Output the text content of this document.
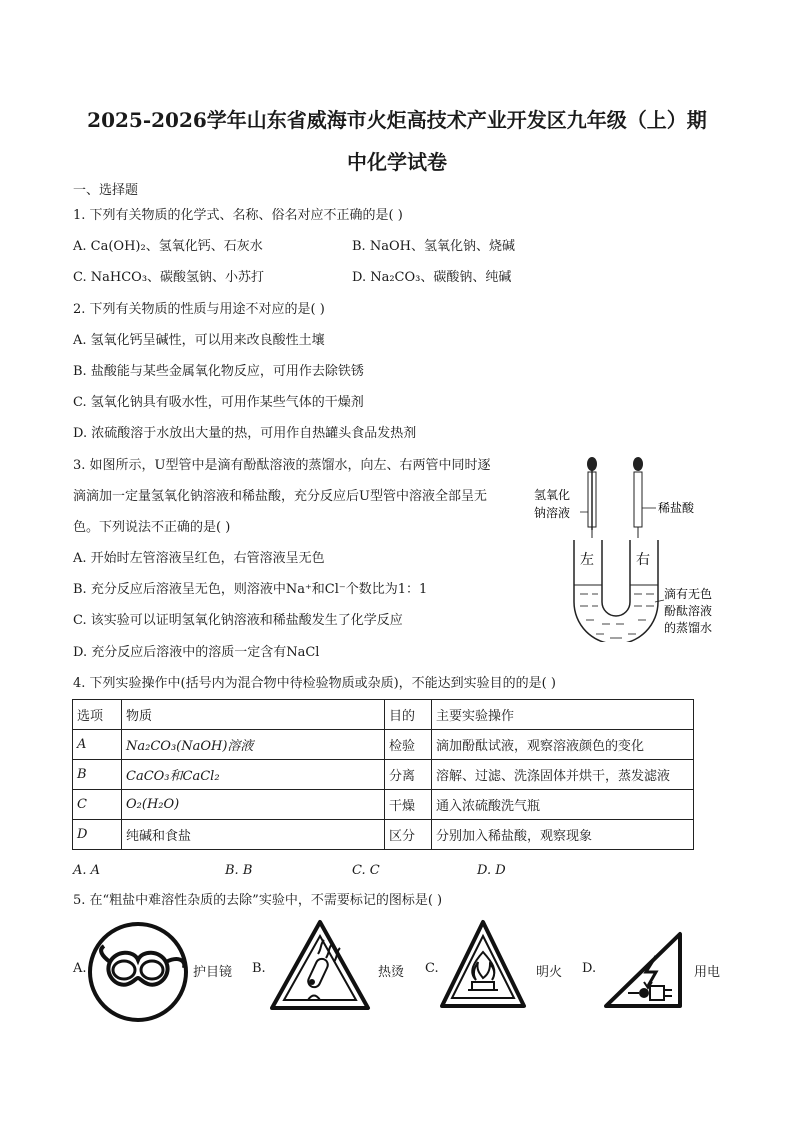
2025-2026学年山东省威海市火炬高技术产业开发区九年级（上）期
中化学试卷
一、选择题
1. 下列有关物质的化学式、名称、俗名对应不正确的是( )
A. Ca(OH)₂、氢氧化钙、石灰水	B. NaOH、氢氧化钠、烧碱
C. NaHCO₃、碳酸氢钠、小苏打	D. Na₂CO₃、碳酸钠、纯碱
2. 下列有关物质的性质与用途不对应的是( )
A. 氢氧化钙呈碱性，可以用来改良酸性土壤
B. 盐酸能与某些金属氧化物反应，可用作去除铁锈
C. 氢氧化钠具有吸水性，可用作某些气体的干燥剂
D. 浓硫酸溶于水放出大量的热，可用作自热罐头食品发热剂
3. 如图所示，U型管中是滴有酚酞溶液的蒸馏水，向左、右两管中同时逐
滴滴加一定量氢氧化钠溶液和稀盐酸，充分反应后U型管中溶液全部呈无
色。下列说法不正确的是( )
A. 开始时左管溶液呈红色，右管溶液呈无色
B. 充分反应后溶液呈无色，则溶液中Na⁺和Cl⁻个数比为1：1
C. 该实验可以证明氢氧化钠溶液和稀盐酸发生了化学反应
D. 充分反应后溶液中的溶质一定含有NaCl
氢氧化
钠溶液	稀盐酸
左	右
滴有无色
酚酞溶液
的蒸馏水
4. 下列实验操作中(括号内为混合物中待检验物质或杂质)，不能达到实验目的的是( )
选项	物质	目的	主要实验操作
A	Na₂CO₃(NaOH)溶液	检验	滴加酚酞试液，观察溶液颜色的变化
B	CaCO₃和CaCl₂	分离	溶解、过滤、洗涤固体并烘干，蒸发滤液
C	O₂(H₂O)	干燥	通入浓硫酸洗气瓶
D	纯碱和食盐	区分	分别加入稀盐酸，观察现象
A. A	B. B	C. C	D. D
5. 在“粗盐中难溶性杂质的去除”实验中，不需要标记的图标是( )
A.	护目镜 B.	热烫 C.	明火 D.	用电
